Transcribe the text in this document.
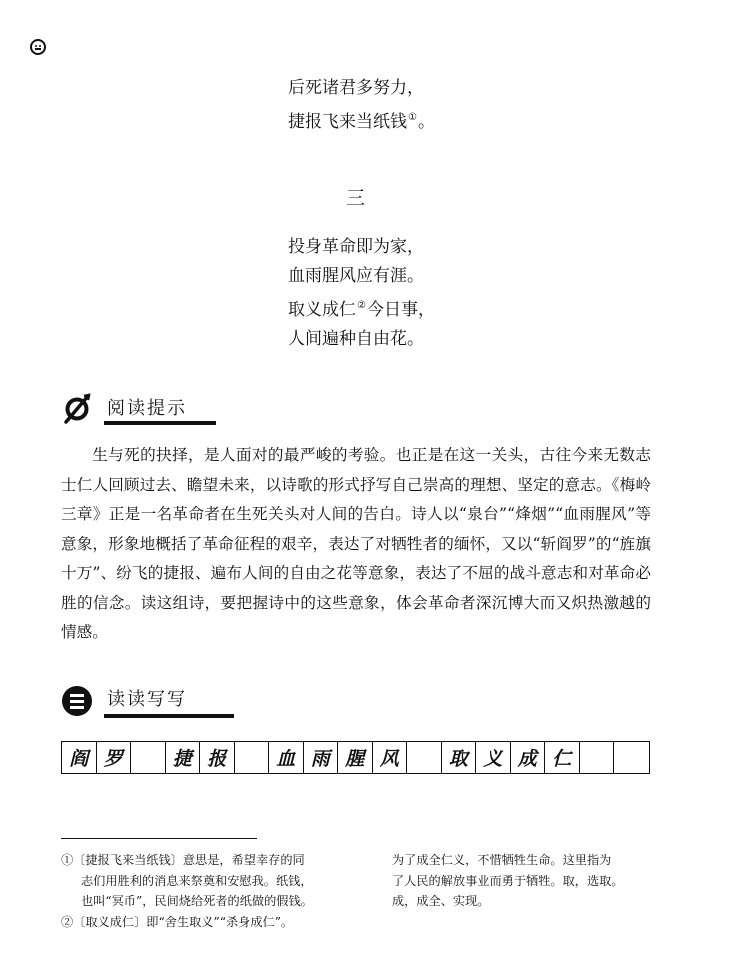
后死诸君多努力，
捷报飞来当纸钱①。
三
投身革命即为家，
血雨腥风应有涯。
取义成仁②今日事，
人间遍种自由花。
阅读提示
生与死的抉择，是人面对的最严峻的考验。也正是在这一关头，古往今来无数志士仁人回顾过去、瞻望未来，以诗歌的形式抒写自己崇高的理想、坚定的意志。《梅岭三章》正是一名革命者在生死关头对人间的告白。诗人以“泉台”“烽烟”“血雨腥风”等意象，形象地概括了革命征程的艰辛，表达了对牺牲者的缅怀，又以“斩阎罗”的“旌旗十万”、纷飞的捷报、遍布人间的自由之花等意象，表达了不屈的战斗意志和对革命必胜的信念。读这组诗，要把握诗中的这些意象，体会革命者深沉博大而又炽热激越的情感。
读读写写
阎 罗	捷 报	血 雨 腥 风	取 义 成 仁
①〔捷报飞来当纸钱〕意思是，希望幸存的同
志们用胜利的消息来祭奠和安慰我。纸钱，
也叫“冥币”，民间烧给死者的纸做的假钱。
②〔取义成仁〕即“舍生取义”“杀身成仁”。
为了成全仁义，不惜牺牲生命。这里指为
了人民的解放事业而勇于牺牲。取，选取。
成，成全、实现。
